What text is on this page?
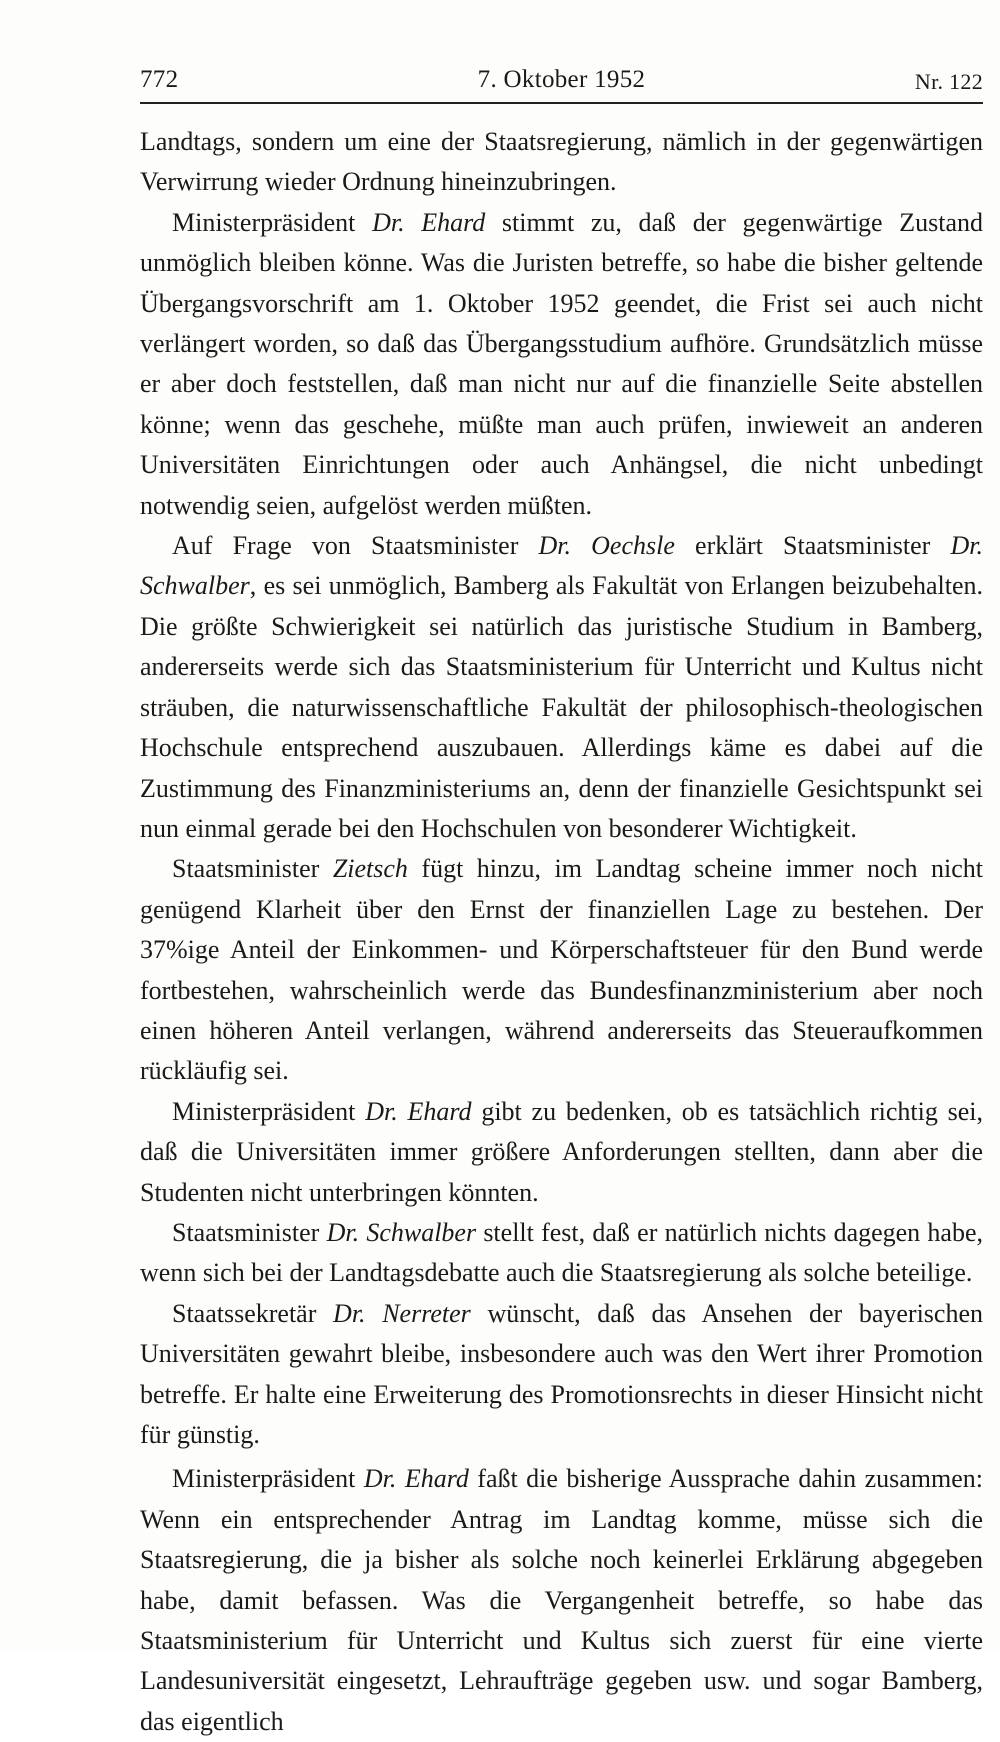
772	7. Oktober 1952	Nr. 122

Landtags, sondern um eine der Staatsregierung, nämlich in der gegenwärtigen Verwirrung wieder Ordnung hineinzubringen.

Ministerpräsident Dr. Ehard stimmt zu, daß der gegenwärtige Zustand unmöglich bleiben könne. Was die Juristen betreffe, so habe die bisher geltende Übergangsvorschrift am 1. Oktober 1952 geendet, die Frist sei auch nicht verlängert worden, so daß das Übergangsstudium aufhöre. Grundsätzlich müsse er aber doch feststellen, daß man nicht nur auf die finanzielle Seite abstellen könne; wenn das geschehe, müßte man auch prüfen, inwieweit an anderen Universitäten Einrichtungen oder auch Anhängsel, die nicht unbedingt notwendig seien, aufgelöst werden müßten.

Auf Frage von Staatsminister Dr. Oechsle erklärt Staatsminister Dr. Schwalber, es sei unmöglich, Bamberg als Fakultät von Erlangen beizubehalten. Die größte Schwierigkeit sei natürlich das juristische Studium in Bamberg, andererseits werde sich das Staatsministerium für Unterricht und Kultus nicht sträuben, die naturwissenschaftliche Fakultät der philosophisch-theologischen Hochschule entsprechend auszubauen. Allerdings käme es dabei auf die Zustimmung des Finanzministeriums an, denn der finanzielle Gesichtspunkt sei nun einmal gerade bei den Hochschulen von besonderer Wichtigkeit.

Staatsminister Zietsch fügt hinzu, im Landtag scheine immer noch nicht genügend Klarheit über den Ernst der finanziellen Lage zu bestehen. Der 37%ige Anteil der Einkommen- und Körperschaftsteuer für den Bund werde fortbestehen, wahrscheinlich werde das Bundesfinanzministerium aber noch einen höheren Anteil verlangen, während andererseits das Steueraufkommen rückläufig sei.

Ministerpräsident Dr. Ehard gibt zu bedenken, ob es tatsächlich richtig sei, daß die Universitäten immer größere Anforderungen stellten, dann aber die Studenten nicht unterbringen könnten.

Staatsminister Dr. Schwalber stellt fest, daß er natürlich nichts dagegen habe, wenn sich bei der Landtagsdebatte auch die Staatsregierung als solche beteilige.

Staatssekretär Dr. Nerreter wünscht, daß das Ansehen der bayerischen Universitäten gewahrt bleibe, insbesondere auch was den Wert ihrer Promotion betreffe. Er halte eine Erweiterung des Promotionsrechts in dieser Hinsicht nicht für günstig.

Ministerpräsident Dr. Ehard faßt die bisherige Aussprache dahin zusammen: Wenn ein entsprechender Antrag im Landtag komme, müsse sich die Staatsregierung, die ja bisher als solche noch keinerlei Erklärung abgegeben habe, damit befassen. Was die Vergangenheit betreffe, so habe das Staatsministerium für Unterricht und Kultus sich zuerst für eine vierte Landesuniversität eingesetzt, Lehraufträge gegeben usw. und sogar Bamberg, das eigentlich
